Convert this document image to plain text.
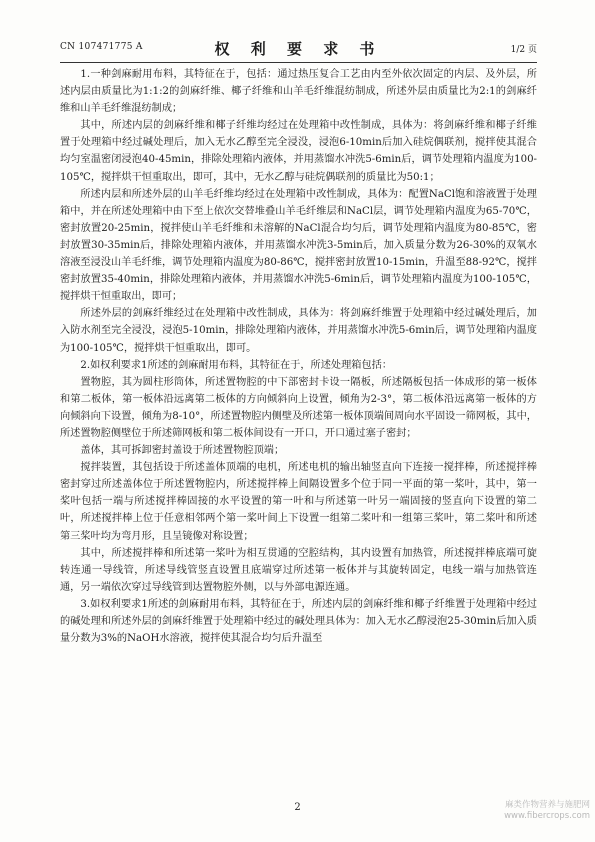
CN 107471775 A	权 利 要 求 书	1/2 页

1.一种剑麻耐用布料，其特征在于，包括：通过热压复合工艺由内至外依次固定的内层、及外层，所述内层由质量比为1:1:2的剑麻纤维、椰子纤维和山羊毛纤维混纺制成，所述外层由质量比为2:1的剑麻纤维和山羊毛纤维混纺制成；

其中，所述内层的剑麻纤维和椰子纤维均经过在处理箱中改性制成，具体为：将剑麻纤维和椰子纤维置于处理箱中经过碱处理后，加入无水乙醇至完全浸没，浸泡6-10min后加入硅烷偶联剂，搅拌使其混合均匀室温密闭浸泡40-45min，排除处理箱内液体，并用蒸馏水冲洗5-6min后，调节处理箱内温度为100-105℃，搅拌烘干恒重取出，即可，其中，无水乙醇与硅烷偶联剂的质量比为50:1；

所述内层和所述外层的山羊毛纤维均经过在处理箱中改性制成，具体为：配置NaCl饱和溶液置于处理箱中，并在所述处理箱中由下至上依次交替堆叠山羊毛纤维层和NaCl层，调节处理箱内温度为65-70℃，密封放置20-25min，搅拌使山羊毛纤维和未溶解的NaCl混合均匀后，调节处理箱内温度为80-85℃，密封放置30-35min后，排除处理箱内液体，并用蒸馏水冲洗3-5min后，加入质量分数为26-30%的双氧水溶液至浸没山羊毛纤维，调节处理箱内温度为80-86℃，搅拌密封放置10-15min，升温至88-92℃，搅拌密封放置35-40min，排除处理箱内液体，并用蒸馏水冲洗5-6min后，调节处理箱内温度为100-105℃，搅拌烘干恒重取出，即可；

所述外层的剑麻纤维经过在处理箱中改性制成，具体为：将剑麻纤维置于处理箱中经过碱处理后，加入防水剂至完全浸没，浸泡5-10min，排除处理箱内液体，并用蒸馏水冲洗5-6min后，调节处理箱内温度为100-105℃，搅拌烘干恒重取出，即可。

2.如权利要求1所述的剑麻耐用布料，其特征在于，所述处理箱包括：

置物腔，其为圆柱形筒体，所述置物腔的中下部密封卡设一隔板，所述隔板包括一体成形的第一板体和第二板体，第一板体沿远离第二板体的方向倾斜向上设置，倾角为2-3°，第二板体沿远离第一板体的方向倾斜向下设置，倾角为8-10°，所述置物腔内侧壁及所述第一板体顶端间周向水平固设一筛网板，其中，所述置物腔侧壁位于所述筛网板和第二板体间设有一开口，开口通过塞子密封；

盖体，其可拆卸密封盖设于所述置物腔顶端；

搅拌装置，其包括设于所述盖体顶端的电机，所述电机的输出轴竖直向下连接一搅拌棒，所述搅拌棒密封穿过所述盖体位于所述置物腔内，所述搅拌棒上间隔设置多个位于同一平面的第一桨叶，其中，第一桨叶包括一端与所述搅拌棒固接的水平设置的第一叶和与所述第一叶另一端固接的竖直向下设置的第二叶，所述搅拌棒上位于任意相邻两个第一桨叶间上下设置一组第二桨叶和一组第三桨叶，第二桨叶和所述第三桨叶均为弯月形，且呈镜像对称设置；

其中，所述搅拌棒和所述第一桨叶为相互贯通的空腔结构，其内设置有加热管，所述搅拌棒底端可旋转连通一导线管，所述导线管竖直设置且底端穿过所述第一板体并与其旋转固定，电线一端与加热管连通，另一端依次穿过导线管到达置物腔外侧，以与外部电源连通。

3.如权利要求1所述的剑麻耐用布料，其特征在于，所述内层的剑麻纤维和椰子纤维置于处理箱中经过的碱处理和所述外层的剑麻纤维置于处理箱中经过的碱处理具体为：加入无水乙醇浸泡25-30min后加入质量分数为3%的NaOH水溶液，搅拌使其混合均匀后升温至

2	麻类作物营养与施肥网
www.fibercrops.com
